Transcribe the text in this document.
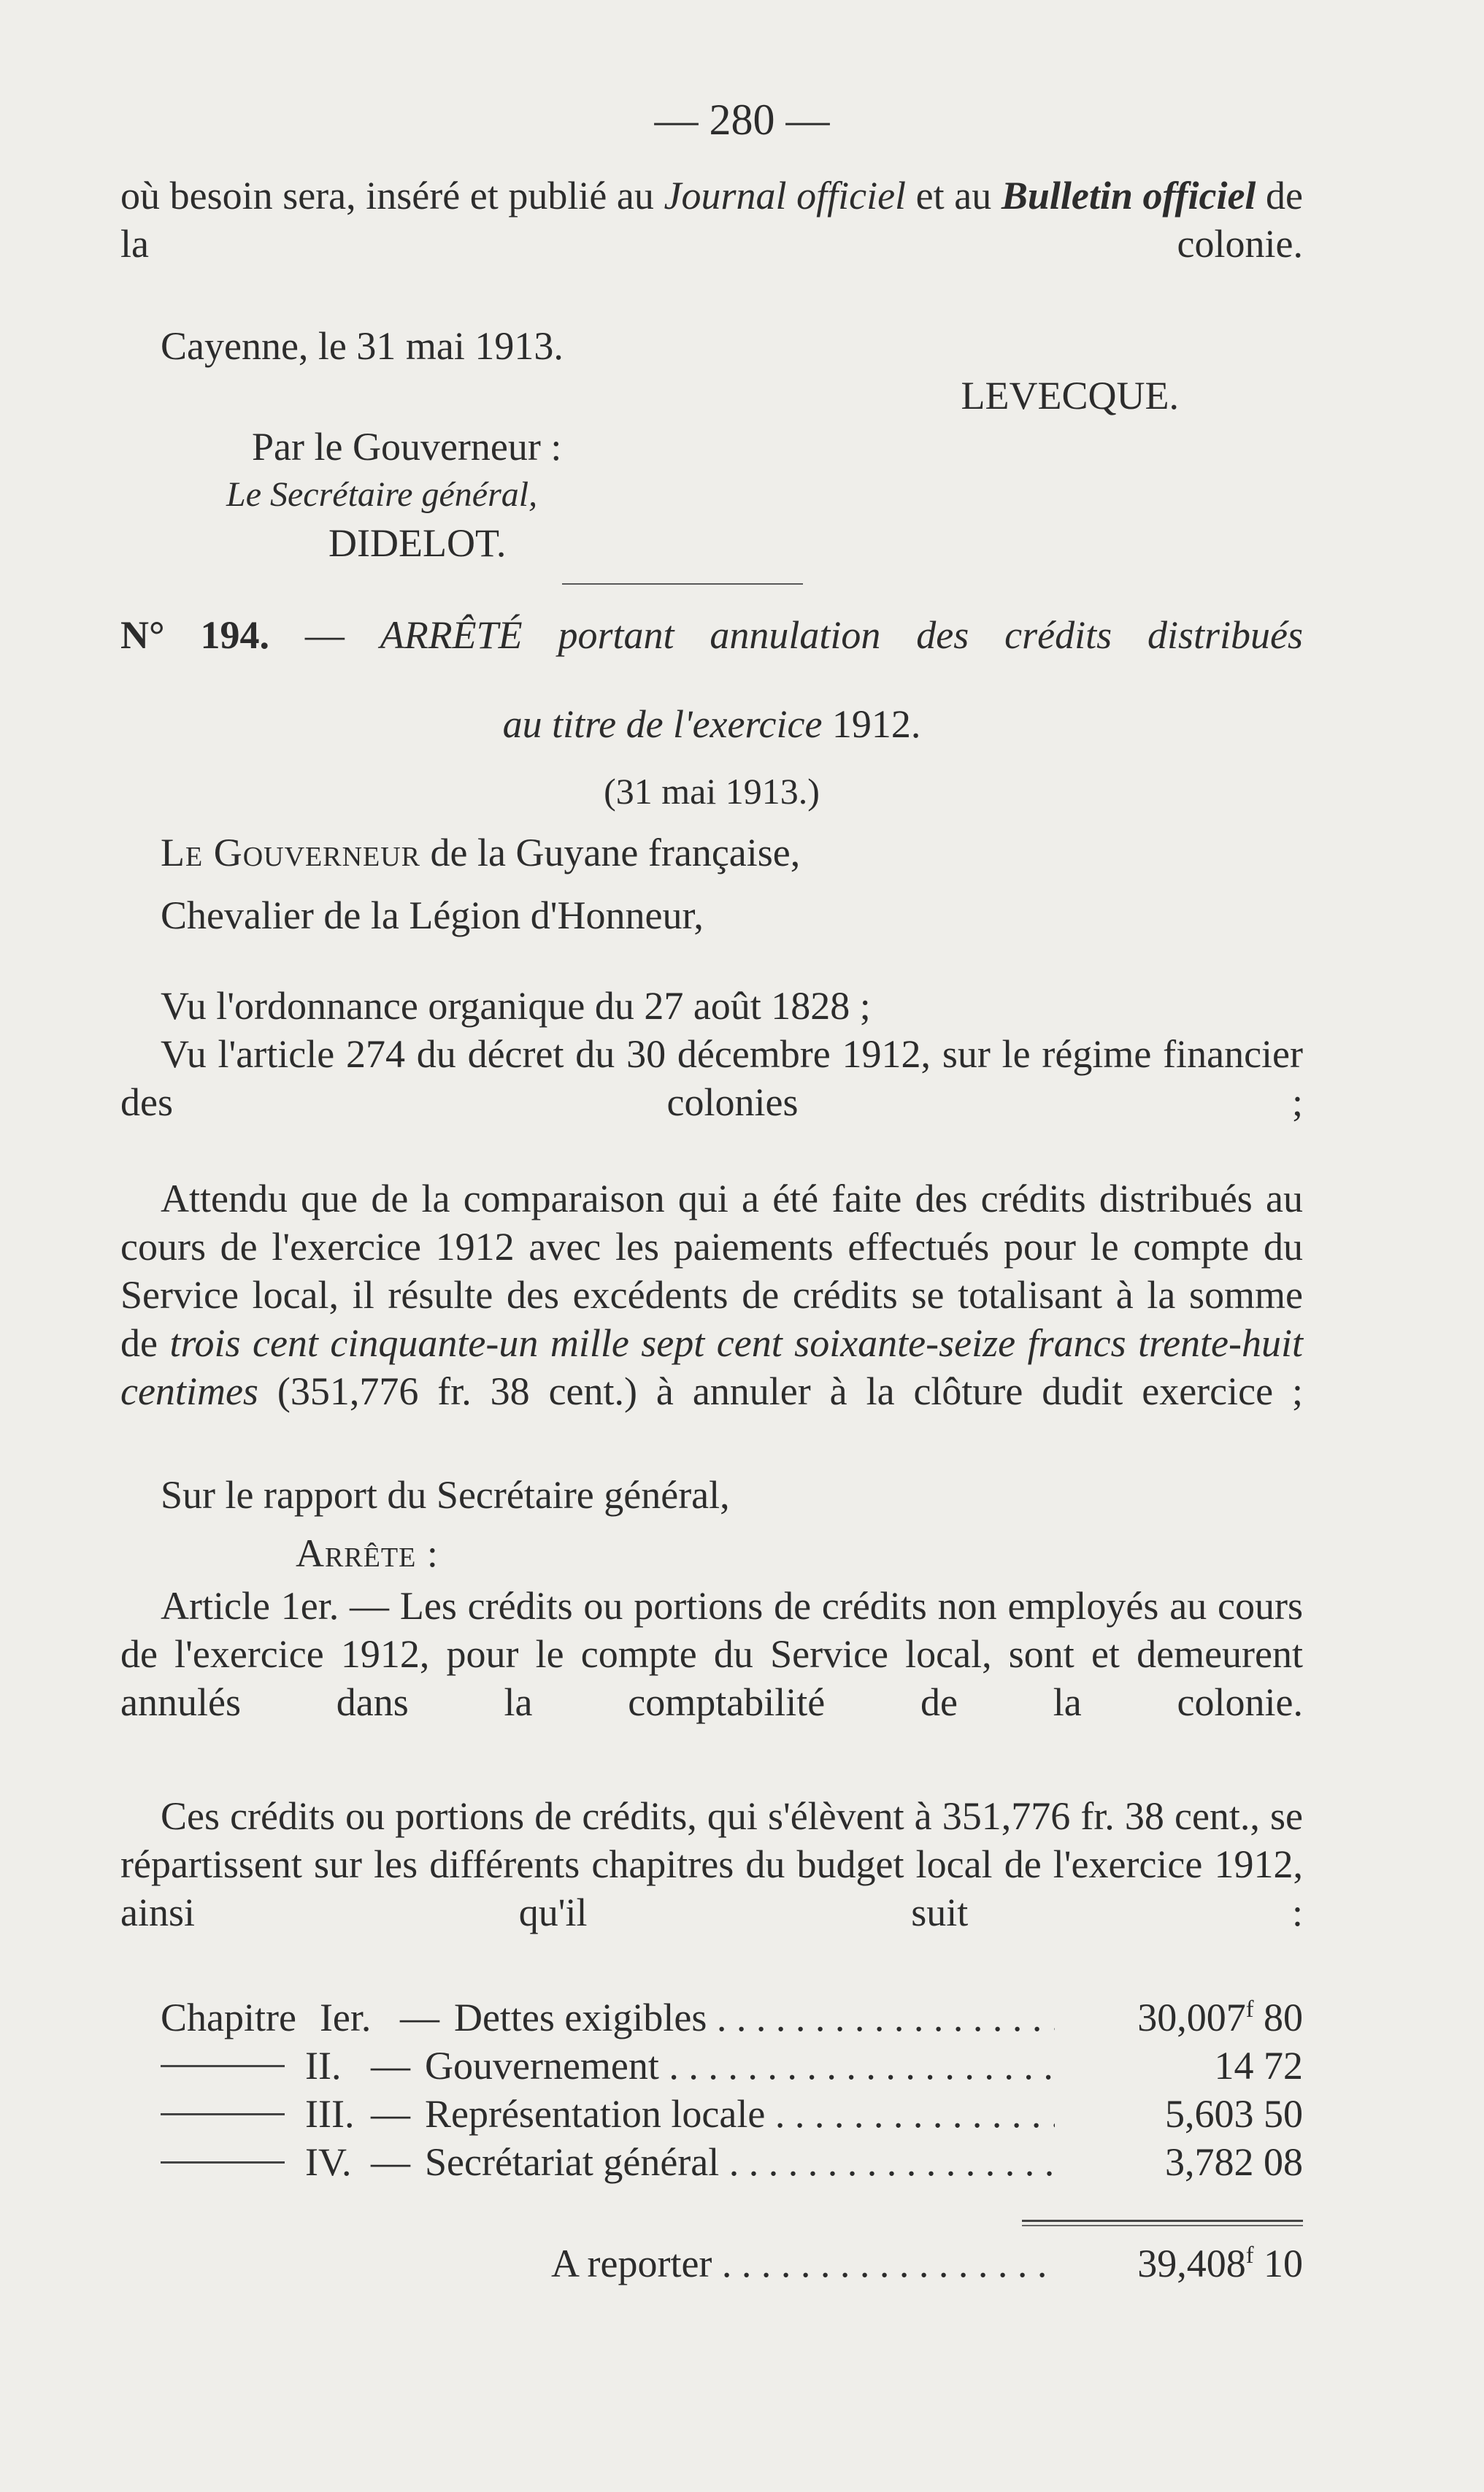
— 280 —

où besoin sera, inséré et publié au Journal officiel et au Bulletin officiel de la colonie.

Cayenne, le 31 mai 1913.
LEVECQUE.
Par le Gouverneur :
Le Secrétaire général,
DIDELOT.
N° 194. — ARRÊTÉ portant annulation des crédits distribués
au titre de l'exercice 1912.
(31 mai 1913.)
Le Gouverneur de la Guyane française,
Chevalier de la Légion d'Honneur,

Vu l'ordonnance organique du 27 août 1828 ;

Vu l'article 274 du décret du 30 décembre 1912, sur le régime financier des colonies ;

Attendu que de la comparaison qui a été faite des crédits distribués au cours de l'exercice 1912 avec les paiements effectués pour le compte du Service local, il résulte des excédents de crédits se totalisant à la somme de trois cent cinquante-un mille sept cent soixante-seize francs trente-huit centimes (351,776 fr. 38 cent.) à annuler à la clôture dudit exercice ;

Sur le rapport du Secrétaire général,

Arrête :

Article 1er. — Les crédits ou portions de crédits non employés au cours de l'exercice 1912, pour le compte du Service local, sont et demeurent annulés dans la comptabilité de la colonie.

Ces crédits ou portions de crédits, qui s'élèvent à 351,776 fr. 38 cent., se répartissent sur les différents chapitres du budget local de l'exercice 1912, ainsi qu'il suit :

Chapitre Ier. — Dettes exigibles . . .	30,007$^f$ 80
II. — Gouvernement . . .	14 72
III. — Représentation locale . . .	5,603 50
IV. — Secrétariat général . . .	3,782 08
A reporter . . .	39,408$^f$ 10
